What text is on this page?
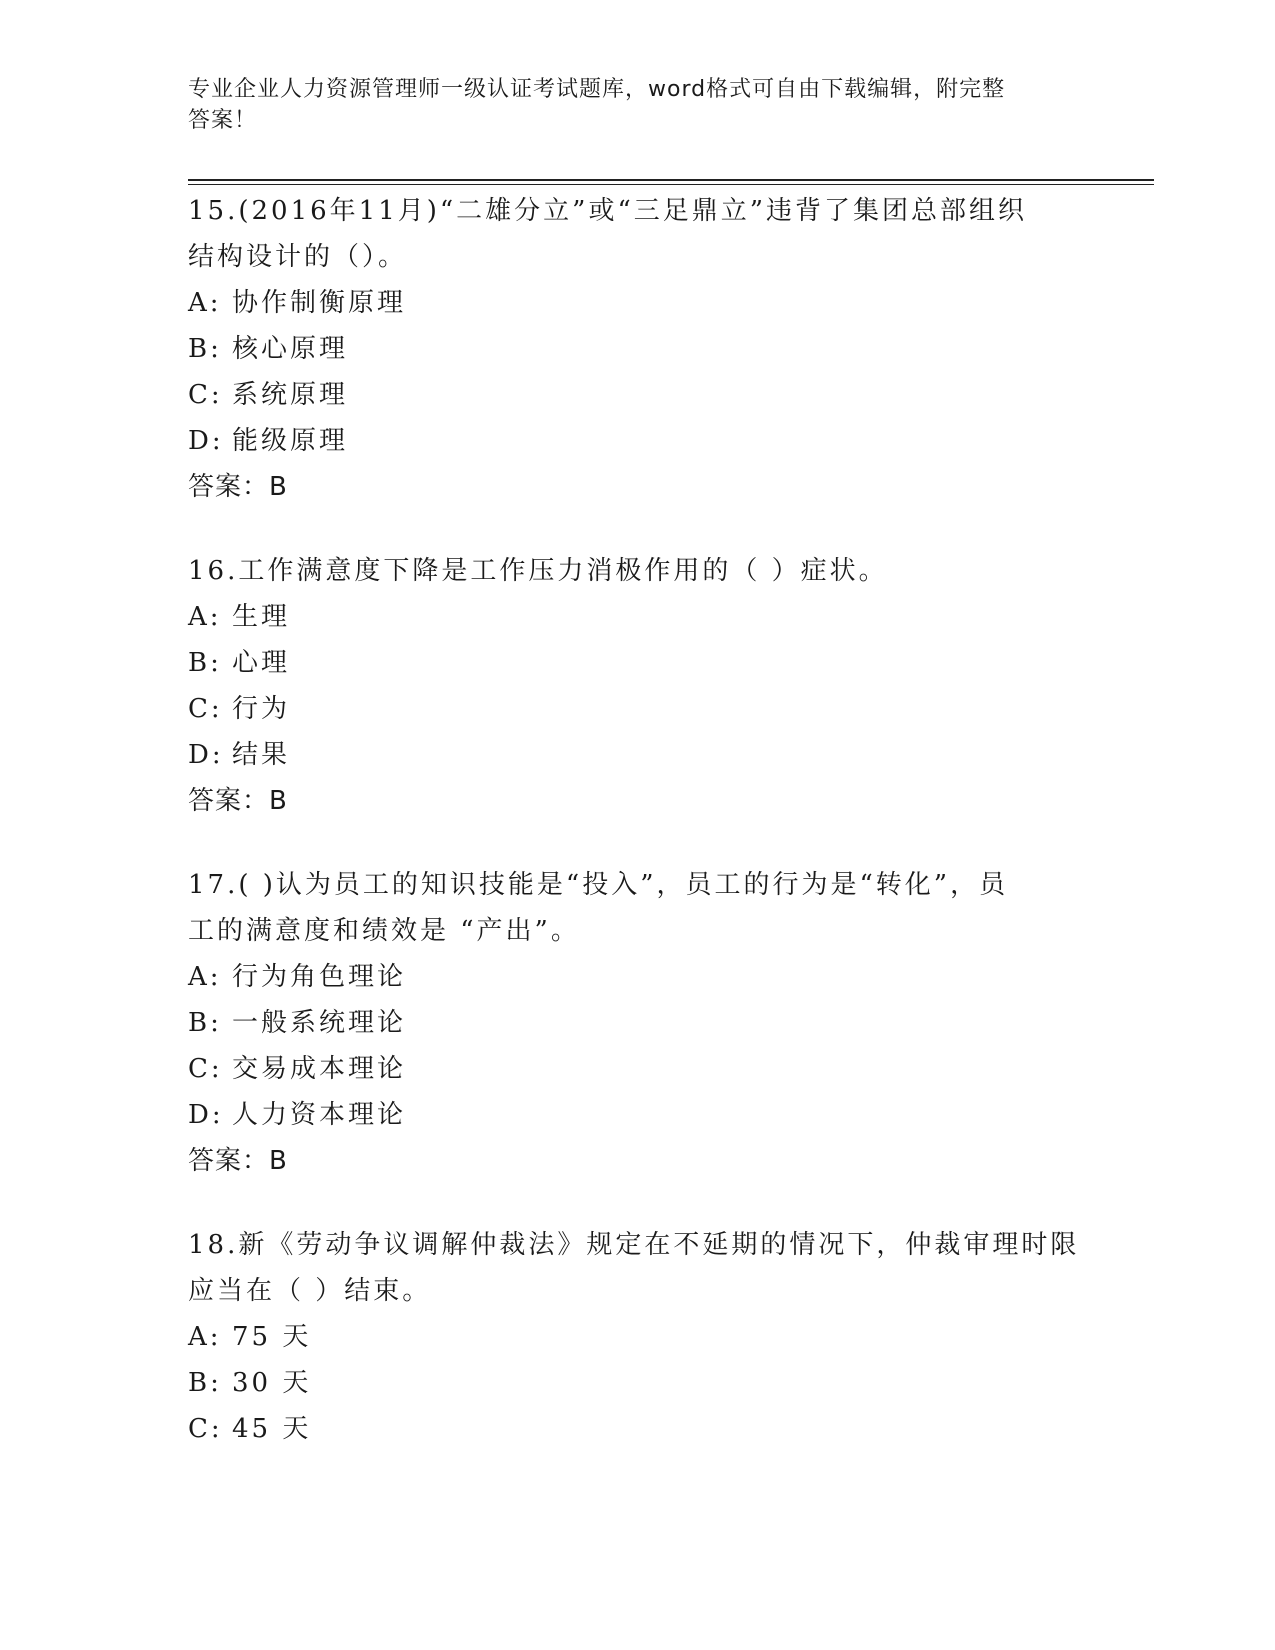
专业企业人力资源管理师一级认证考试题库，word格式可自由下载编辑，附完整
答案！

15.(2016年11月)“二雄分立”或“三足鼎立”违背了集团总部组织

结构设计的（）。

A: 协作制衡原理

B: 核心原理

C: 系统原理

D: 能级原理

答案：B

16.工作满意度下降是工作压力消极作用的（ ）症状。

A: 生理

B: 心理

C: 行为

D: 结果

答案：B

17.( )认为员工的知识技能是“投入”，员工的行为是“转化”，员

工的满意度和绩效是 “产出”。

A: 行为角色理论

B: 一般系统理论

C: 交易成本理论

D: 人力资本理论

答案：B

18.新《劳动争议调解仲裁法》规定在不延期的情况下，仲裁审理时限

应当在（ ）结束。

A: 75 天

B: 30 天

C: 45 天
